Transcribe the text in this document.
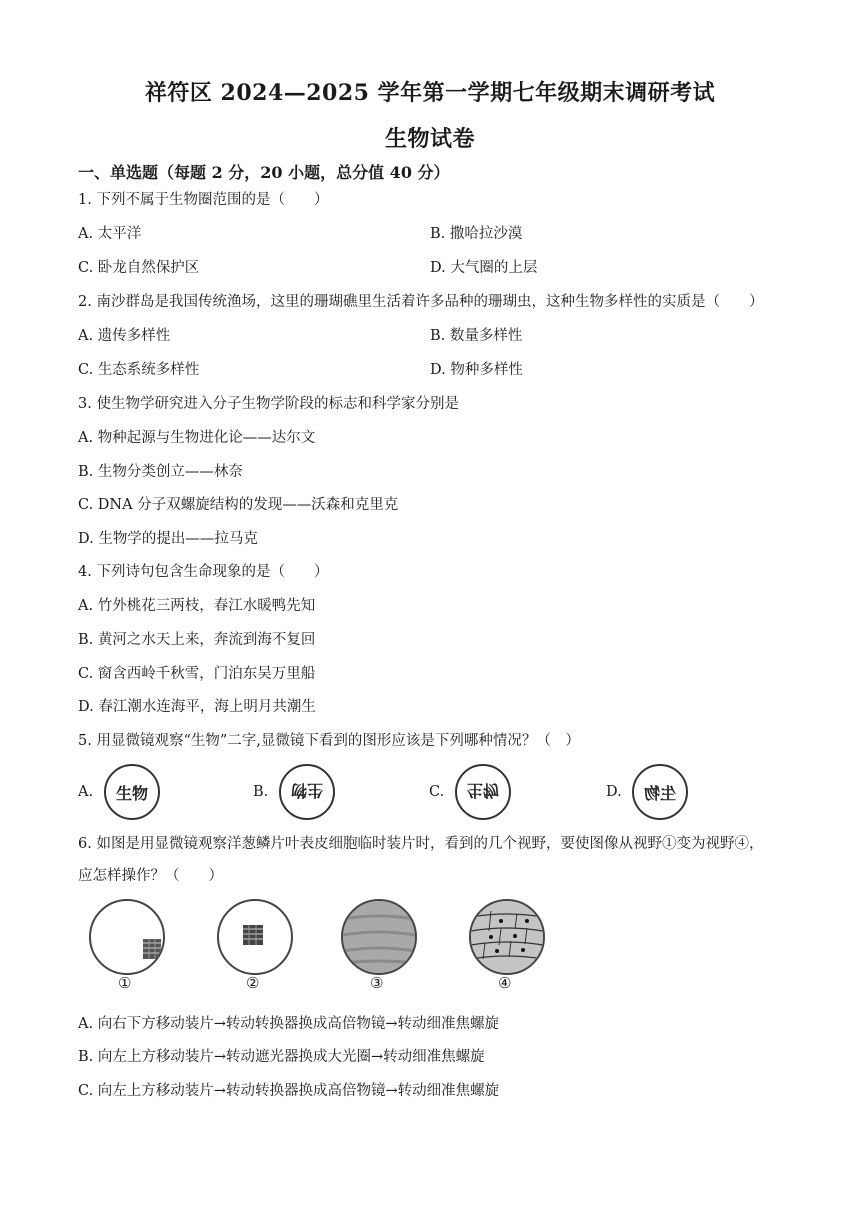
祥符区 2024—2025 学年第一学期七年级期末调研考试
生物试卷
一、单选题（每题 2 分，20 小题，总分值 40 分）
1. 下列不属于生物圈范围的是（　　）
A. 太平洋	B. 撒哈拉沙漠
C. 卧龙自然保护区	D. 大气圈的上层
2. 南沙群岛是我国传统渔场，这里的珊瑚礁里生活着许多品种的珊瑚虫，这种生物多样性的实质是（　　）
A. 遗传多样性	B. 数量多样性
C. 生态系统多样性	D. 物种多样性
3. 使生物学研究进入分子生物学阶段的标志和科学家分别是
A. 物种起源与生物进化论——达尔文
B. 生物分类创立——林奈
C. DNA 分子双螺旋结构的发现——沃森和克里克
D. 生物学的提出——拉马克
4. 下列诗句包含生命现象的是（　　）
A. 竹外桃花三两枝，春江水暖鸭先知
B. 黄河之水天上来，奔流到海不复回
C. 窗含西岭千秋雪，门泊东吴万里船
D. 春江潮水连海平，海上明月共潮生
5. 用显微镜观察“生物”二字,显微镜下看到的图形应该是下列哪种情况？（　）
A.	生物	B.	生物	C.	生物	D.	生物
6. 如图是用显微镜观察洋葱鳞片叶表皮细胞临时装片时，看到的几个视野，要使图像从视野①变为视野④，
应怎样操作？（　　）
①	②	③	④
A. 向右下方移动装片→转动转换器换成高倍物镜→转动细准焦螺旋
B. 向左上方移动装片→转动遮光器换成大光圈→转动细准焦螺旋
C. 向左上方移动装片→转动转换器换成高倍物镜→转动细准焦螺旋
